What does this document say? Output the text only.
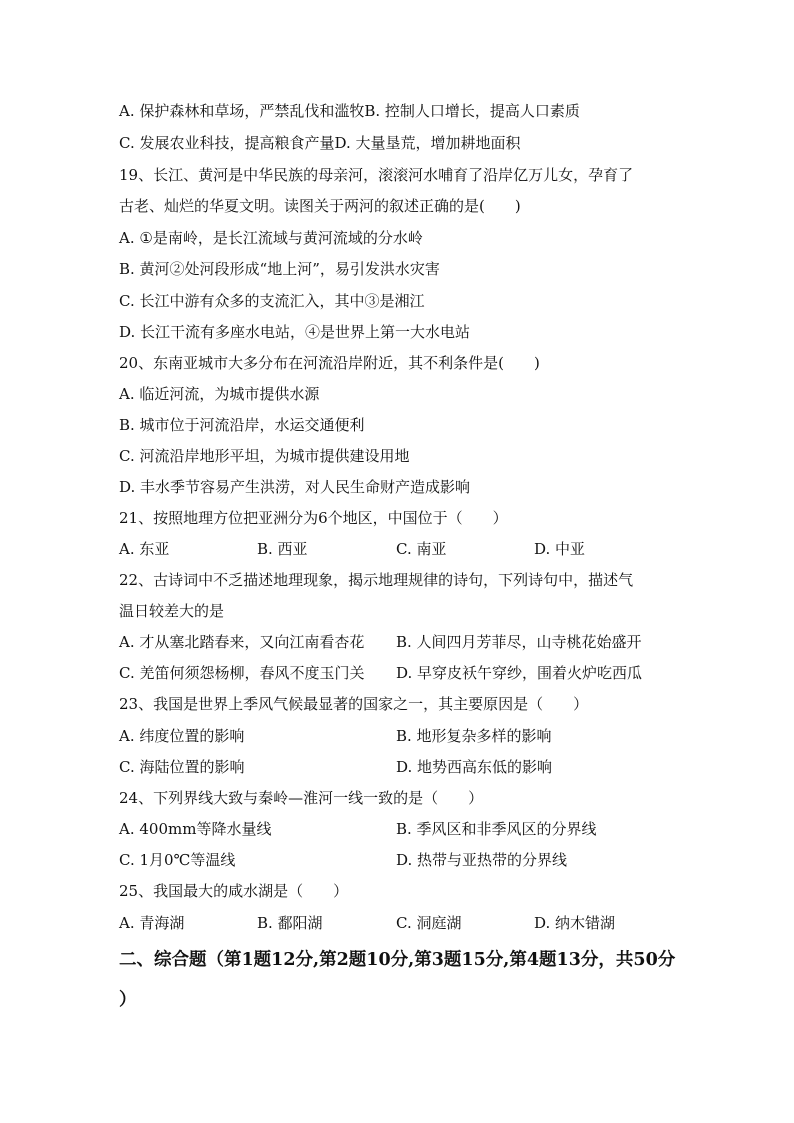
A. 保护森林和草场，严禁乱伐和滥牧B. 控制人口增长，提高人口素质
C. 发展农业科技，提高粮食产量D. 大量垦荒，增加耕地面积
19、长江、黄河是中华民族的母亲河，滚滚河水哺育了沿岸亿万儿女，孕育了
古老、灿烂的华夏文明。读图关于两河的叙述正确的是(　　)
A. ①是南岭，是长江流域与黄河流域的分水岭
B. 黄河②处河段形成“地上河”，易引发洪水灾害
C. 长江中游有众多的支流汇入，其中③是湘江
D. 长江干流有多座水电站，④是世界上第一大水电站
20、东南亚城市大多分布在河流沿岸附近，其不利条件是(　　)
A. 临近河流，为城市提供水源
B. 城市位于河流沿岸，水运交通便利
C. 河流沿岸地形平坦，为城市提供建设用地
D. 丰水季节容易产生洪涝，对人民生命财产造成影响
21、按照地理方位把亚洲分为6个地区，中国位于（　　）
A. 东亚	B. 西亚	C. 南亚	D. 中亚
22、古诗词中不乏描述地理现象，揭示地理规律的诗句，下列诗句中，描述气
温日较差大的是
A. 才从塞北踏春来，又向江南看杏花 B. 人间四月芳菲尽，山寺桃花始盛开
C. 羌笛何须怨杨柳，春风不度玉门关 D. 早穿皮袄午穿纱，围着火炉吃西瓜
23、我国是世界上季风气候最显著的国家之一，其主要原因是（　　）
A. 纬度位置的影响	B. 地形复杂多样的影响
C. 海陆位置的影响	D. 地势西高东低的影响
24、下列界线大致与秦岭—淮河一线一致的是（　　）
A. 400mm等降水量线	B. 季风区和非季风区的分界线
C. 1月0℃等温线	D. 热带与亚热带的分界线
25、我国最大的咸水湖是（　　）
A. 青海湖	B. 鄱阳湖	C. 洞庭湖	D. 纳木错湖
二、综合题（第1题12分,第2题10分,第3题15分,第4题13分，共50分
）
